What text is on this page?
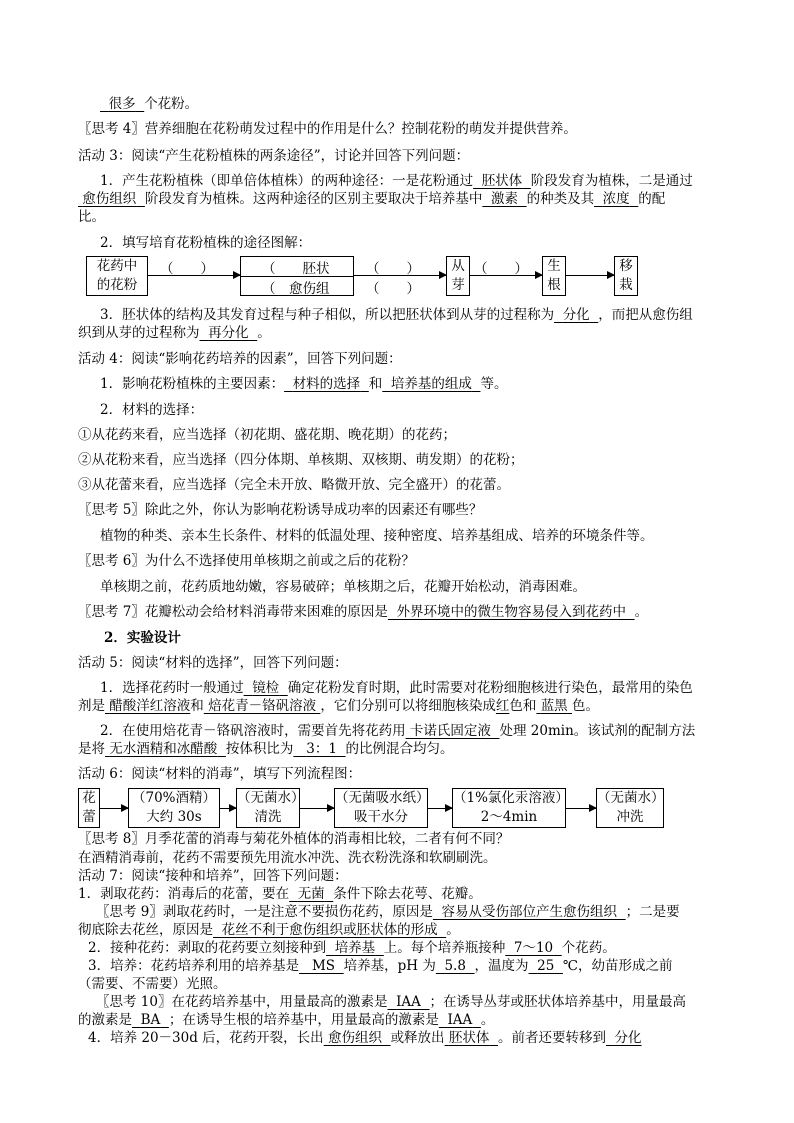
很多 个花粉。
〖思考 4〗营养细胞在花粉萌发过程中的作用是什么？控制花粉的萌发并提供营养。
活动 3：阅读“产生花粉植株的两条途径”，讨论并回答下列问题：
1．产生花粉植株（即单倍体植株）的两种途径：一是花粉通过 胚状体 阶段发育为植株，二是通过
愈伤组织 阶段发育为植株。这两种途径的区别主要取决于培养基中 激素 的种类及其 浓度 的配
比。
2．填写培育花粉植株的途径图解：
花药中
的花粉
（　　）	（　　胚状
（　愈伤组
（　　）
（　　）
从
芽
（　　）	生
根
移
栽
3．胚状体的结构及其发育过程与种子相似，所以把胚状体到从芽的过程称为 分化 ，而把从愈伤组
织到从芽的过程称为 再分化 。
活动 4：阅读“影响花药培养的因素”，回答下列问题：
1．影响花粉植株的主要因素： 材料的选择 和 培养基的组成 等。
2．材料的选择：
①从花药来看，应当选择（初花期、盛花期、晚花期）的花药；
②从花粉来看，应当选择（四分体期、单核期、双核期、萌发期）的花粉；
③从花蕾来看，应当选择（完全未开放、略微开放、完全盛开）的花蕾。
〖思考 5〗除此之外，你认为影响花粉诱导成功率的因素还有哪些？
植物的种类、亲本生长条件、材料的低温处理、接种密度、培养基组成、培养的环境条件等。
〖思考 6〗为什么不选择使用单核期之前或之后的花粉？
单核期之前，花药质地幼嫩，容易破碎；单核期之后，花瓣开始松动，消毒困难。
〖思考 7〗花瓣松动会给材料消毒带来困难的原因是 外界环境中的微生物容易侵入到花药中 。
2．实验设计
活动 5：阅读“材料的选择”，回答下列问题：
1．选择花药时一般通过 镜检 确定花粉发育时期，此时需要对花粉细胞核进行染色，最常用的染色
剂是 醋酸洋红溶液和 焙花青－铬矾溶液 ，它们分别可以将细胞核染成红色和 蓝黑 色。
2．在使用焙花青－铬矾溶液时，需要首先将花药用 卡诺氏固定液 处理 20min。该试剂的配制方法
是将 无水酒精和冰醋酸 按体积比为 3：1 的比例混合均匀。
活动 6：阅读“材料的消毒”，填写下列流程图：
花
蕾
（70%酒精）
大约 30s
（无菌水）
清洗
（无菌吸水纸）
吸干水分
（1%氯化汞溶液）
2～4min
（无菌水）
冲洗
〖思考 8〗月季花蕾的消毒与菊花外植体的消毒相比较，二者有何不同？
在酒精消毒前，花药不需要预先用流水冲洗、洗衣粉洗涤和软刷刷洗。
活动 7：阅读“接种和培养”，回答下列问题：
1．剥取花药：消毒后的花蕾，要在 无菌 条件下除去花萼、花瓣。
〖思考 9〗剥取花药时，一是注意不要损伤花药，原因是 容易从受伤部位产生愈伤组织 ；二是要
彻底除去花丝，原因是 花丝不利于愈伤组织或胚状体的形成 。
2．接种花药：剥取的花药要立刻接种到 培养基 上。每个培养瓶接种 7～10 个花药。
3．培养：花药培养利用的培养基是 MS 培养基，pH 为 5.8 ，温度为 25 ℃，幼苗形成之前
（需要、不需要）光照。
〖思考 10〗在花药培养基中，用量最高的激素是 IAA ；在诱导丛芽或胚状体培养基中，用量最高
的激素是 BA ；在诱导生根的培养基中，用量最高的激素是 IAA 。
4．培养 20－30d 后，花药开裂，长出 愈伤组织 或释放出 胚状体 。前者还要转移到 分化
